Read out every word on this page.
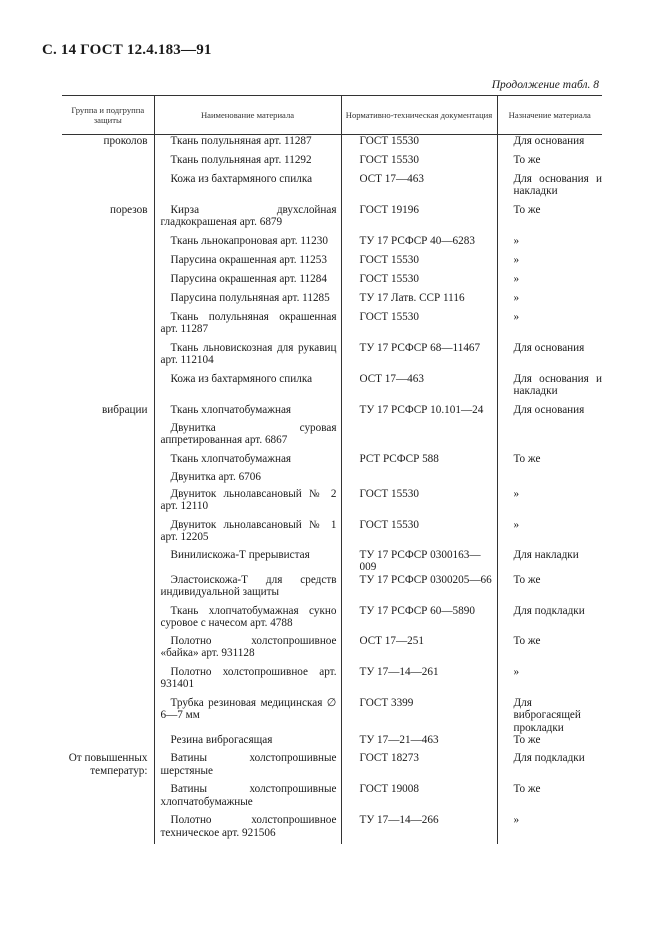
С. 14 ГОСТ 12.4.183—91
Продолжение табл. 8
Группа и подгруппа защиты	Наименование материала	Нормативно-техническая документация	Назначение материала

проколов	Ткань полульняная арт. 11287	ГОСТ 15530	Для основания

	Ткань полульняная арт. 11292	ГОСТ 15530	То же

	Кожа из бахтармяного спилка	ОСТ 17—463	Для основания и накладки

порезов	Кирза двухслойная гладкокрашеная арт. 6879	ГОСТ 19196	То же

	Ткань льнокапроновая арт. 11230	ТУ 17 РСФСР 40—6283	»

	Парусина окрашенная арт. 11253	ГОСТ 15530	»

	Парусина окрашенная арт. 11284	ГОСТ 15530	»

	Парусина полульняная арт. 11285	ТУ 17 Латв. ССР 1116	»

	Ткань полульняная окрашенная арт. 11287	ГОСТ 15530	»

	Ткань льновискозная для рукавиц арт. 112104	ТУ 17 РСФСР 68—11467	Для основания

	Кожа из бахтармяного спилка	ОСТ 17—463	Для основания и накладки

вибрации	Ткань хлопчатобумажная	ТУ 17 РСФСР 10.101—24	Для основания

	Двунитка суровая аппретированная арт. 6867		

	Ткань хлопчатобумажная	РСТ РСФСР 588	То же

	Двунитка арт. 6706		

	Двуниток льнолавсановый № 2 арт. 12110	ГОСТ 15530	»

	Двуниток льнолавсановый № 1 арт. 12205	ГОСТ 15530	»

	Винилискожа-Т прерывистая	ТУ 17 РСФСР 0300163—009	Для накладки

	Эластоискожа-Т для средств индивидуальной защиты	ТУ 17 РСФСР 0300205—66	То же

	Ткань хлопчатобумажная сукно суровое с начесом арт. 4788	ТУ 17 РСФСР 60—5890	Для подкладки

	Полотно холстопрошивное «байка» арт. 931128	ОСТ 17—251	То же

	Полотно холстопрошивное арт. 931401	ТУ 17—14—261	»

	Трубка резиновая медицинская ∅ 6—7 мм	ГОСТ 3399	Для виброгасящей прокладки

	Резина виброгасящая	ТУ 17—21—463	То же

От повышенных температур:	Ватины холстопрошивные шерстяные	ГОСТ 18273	Для подкладки

	Ватины холстопрошивные хлопчатобумажные	ГОСТ 19008	То же

	Полотно холстопрошивное техническое арт. 921506	ТУ 17—14—266	»
